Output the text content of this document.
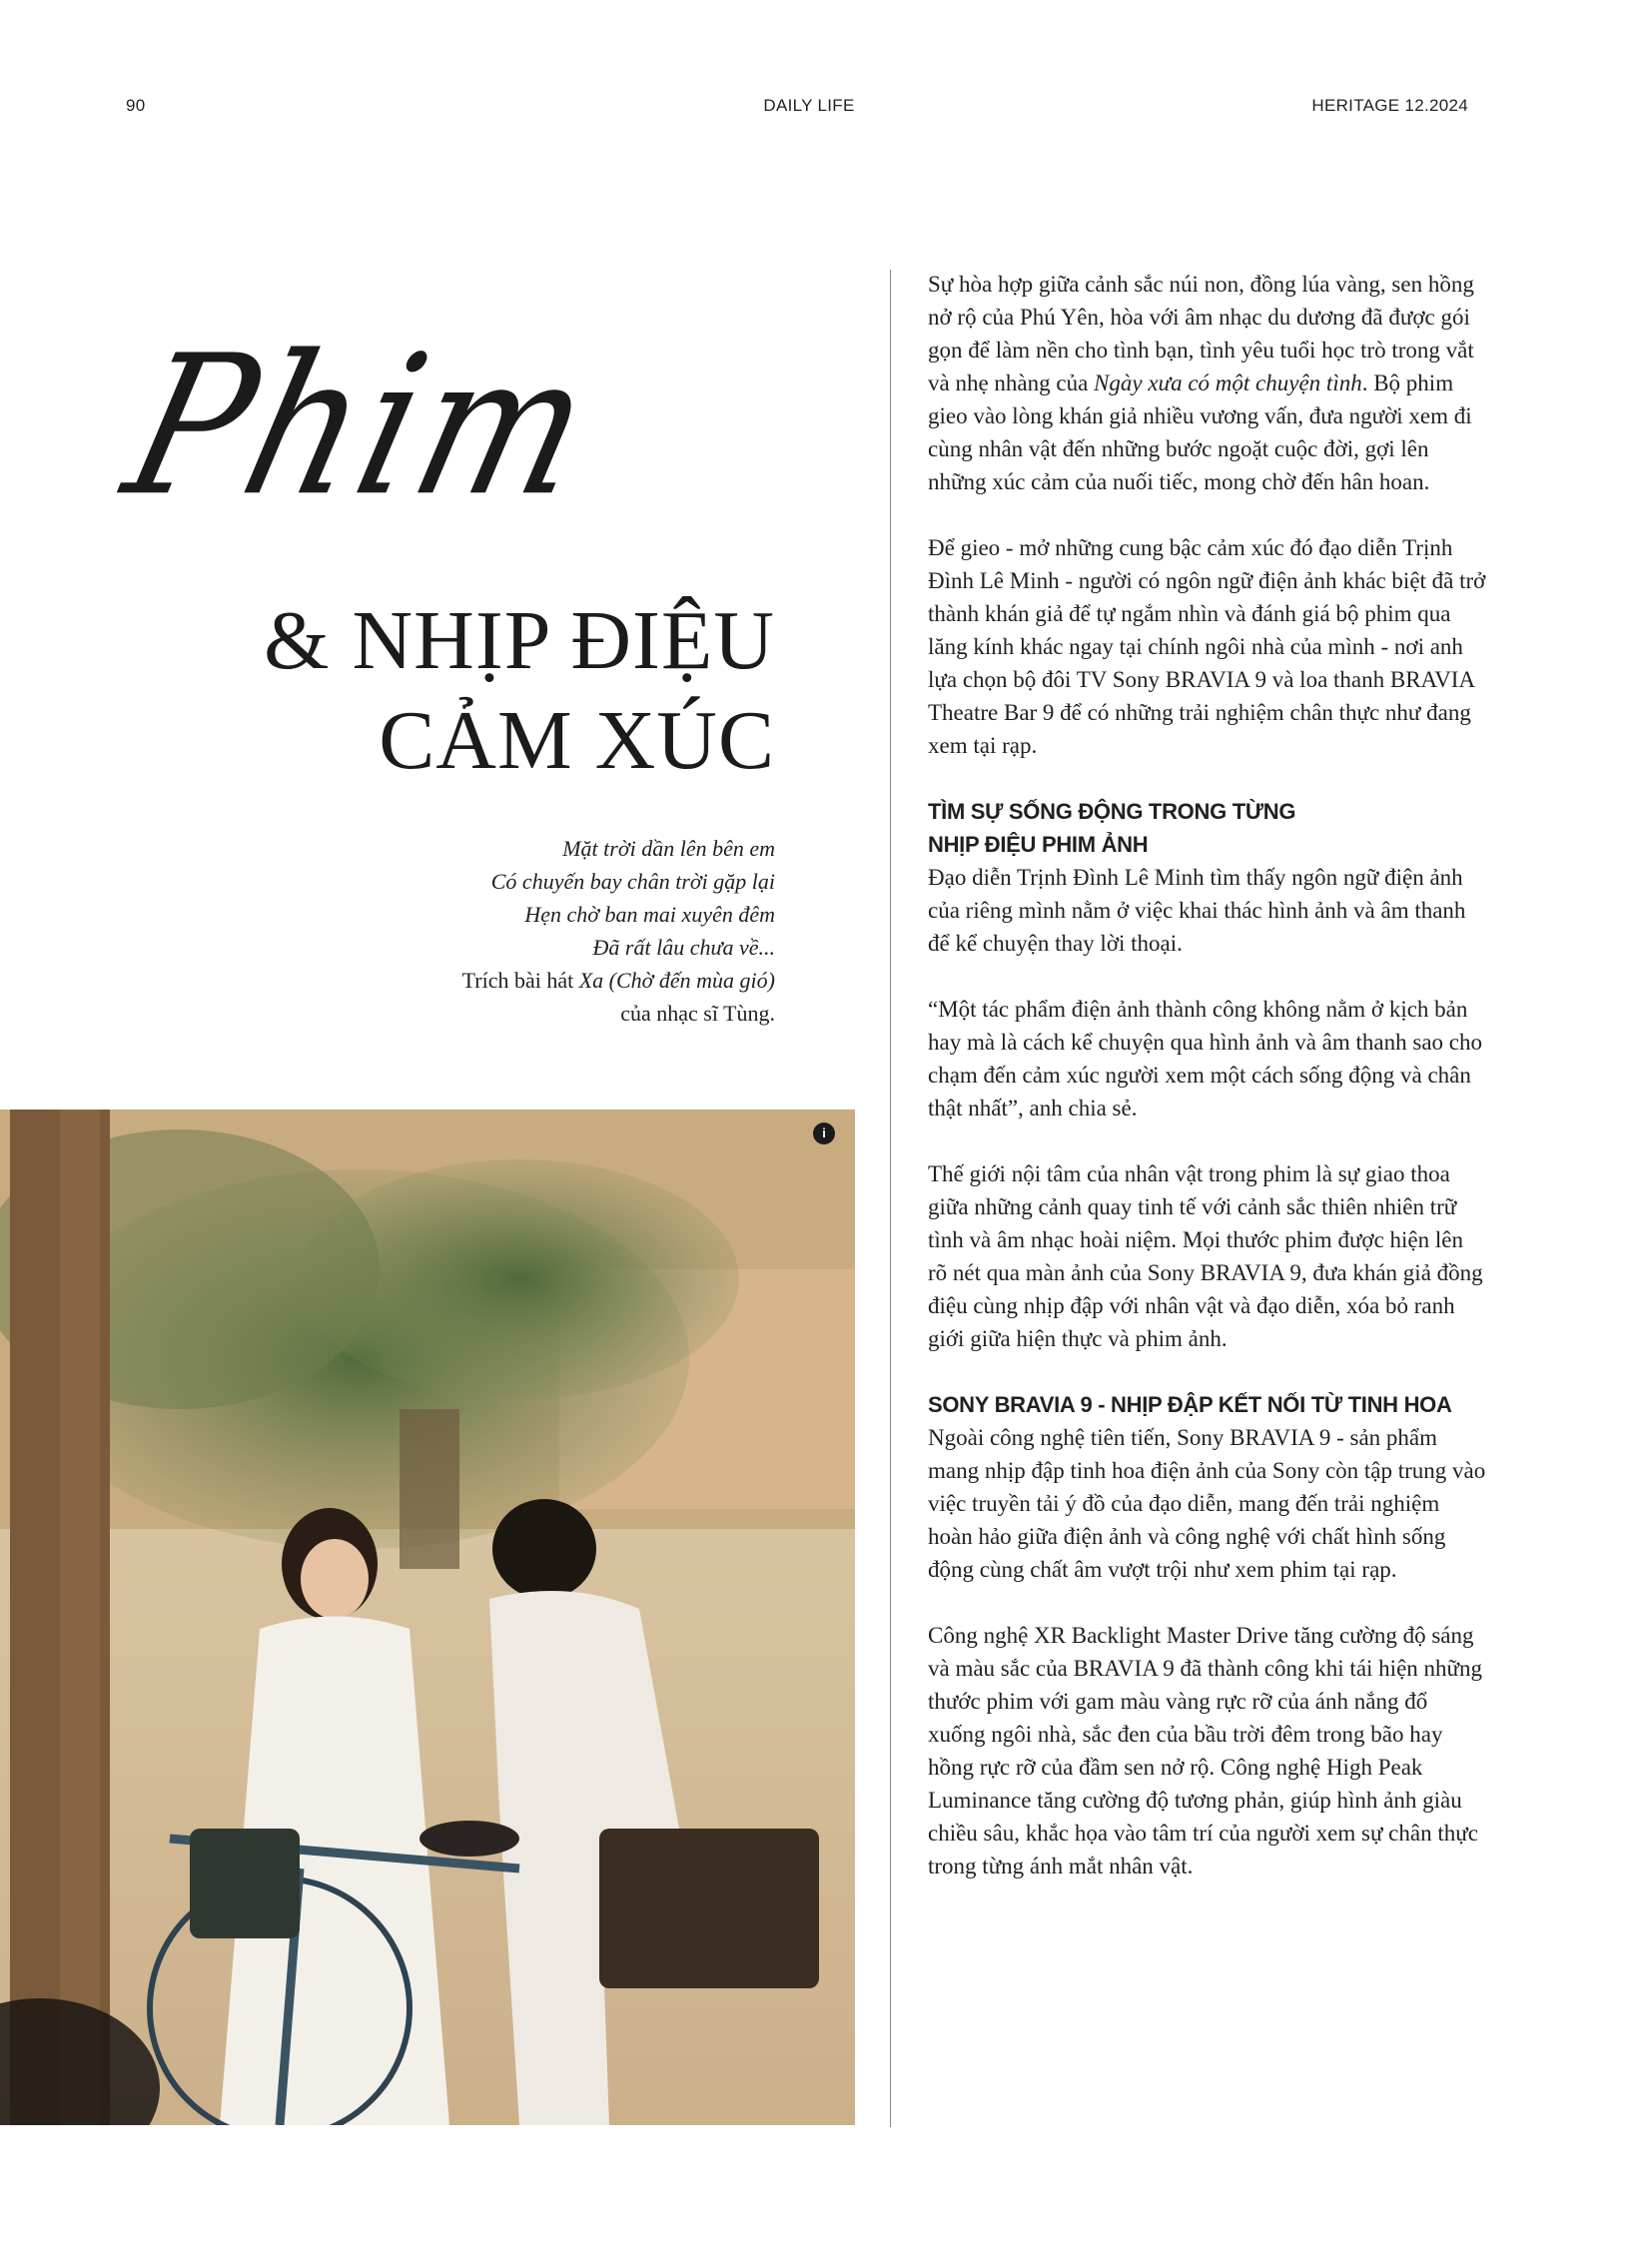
90	DAILY LIFE	HERITAGE 12.2024
Phim
& NHỊP ĐIỆU
CẢM XÚC
Mặt trời dần lên bên em
Có chuyến bay chân trời gặp lại
Hẹn chờ ban mai xuyên đêm
Đã rất lâu chưa về...
Trích bài hát Xa (Chờ đến mùa gió)
của nhạc sĩ Tùng.
i

Sự hòa hợp giữa cảnh sắc núi non, đồng lúa vàng, sen hồng nở rộ của Phú Yên, hòa với âm nhạc du dương đã được gói gọn để làm nền cho tình bạn, tình yêu tuổi học trò trong vắt và nhẹ nhàng của Ngày xưa có một chuyện tình. Bộ phim gieo vào lòng khán giả nhiều vương vấn, đưa người xem đi cùng nhân vật đến những bước ngoặt cuộc đời, gợi lên những xúc cảm của nuối tiếc, mong chờ đến hân hoan.

Để gieo - mở những cung bậc cảm xúc đó đạo diễn Trịnh Đình Lê Minh - người có ngôn ngữ điện ảnh khác biệt đã trở thành khán giả để tự ngắm nhìn và đánh giá bộ phim qua lăng kính khác ngay tại chính ngôi nhà của mình - nơi anh lựa chọn bộ đôi TV Sony BRAVIA 9 và loa thanh BRAVIA Theatre Bar 9 để có những trải nghiệm chân thực như đang xem tại rạp.

TÌM SỰ SỐNG ĐỘNG TRONG TỪNG
NHỊP ĐIỆU PHIM ẢNH

Đạo diễn Trịnh Đình Lê Minh tìm thấy ngôn ngữ điện ảnh của riêng mình nằm ở việc khai thác hình ảnh và âm thanh để kể chuyện thay lời thoại.

“Một tác phẩm điện ảnh thành công không nằm ở kịch bản hay mà là cách kể chuyện qua hình ảnh và âm thanh sao cho chạm đến cảm xúc người xem một cách sống động và chân thật nhất”, anh chia sẻ.

Thế giới nội tâm của nhân vật trong phim là sự giao thoa giữa những cảnh quay tinh tế với cảnh sắc thiên nhiên trữ tình và âm nhạc hoài niệm. Mọi thước phim được hiện lên rõ nét qua màn ảnh của Sony BRAVIA 9, đưa khán giả đồng điệu cùng nhịp đập với nhân vật và đạo diễn, xóa bỏ ranh giới giữa hiện thực và phim ảnh.

SONY BRAVIA 9 - NHỊP ĐẬP KẾT NỐI TỪ TINH HOA

Ngoài công nghệ tiên tiến, Sony BRAVIA 9 - sản phẩm mang nhịp đập tinh hoa điện ảnh của Sony còn tập trung vào việc truyền tải ý đồ của đạo diễn, mang đến trải nghiệm hoàn hảo giữa điện ảnh và công nghệ với chất hình sống động cùng chất âm vượt trội như xem phim tại rạp.

Công nghệ XR Backlight Master Drive tăng cường độ sáng và màu sắc của BRAVIA 9 đã thành công khi tái hiện những thước phim với gam màu vàng rực rỡ của ánh nắng đổ xuống ngôi nhà, sắc đen của bầu trời đêm trong bão hay hồng rực rỡ của đầm sen nở rộ. Công nghệ High Peak Luminance tăng cường độ tương phản, giúp hình ảnh giàu chiều sâu, khắc họa vào tâm trí của người xem sự chân thực trong từng ánh mắt nhân vật.
